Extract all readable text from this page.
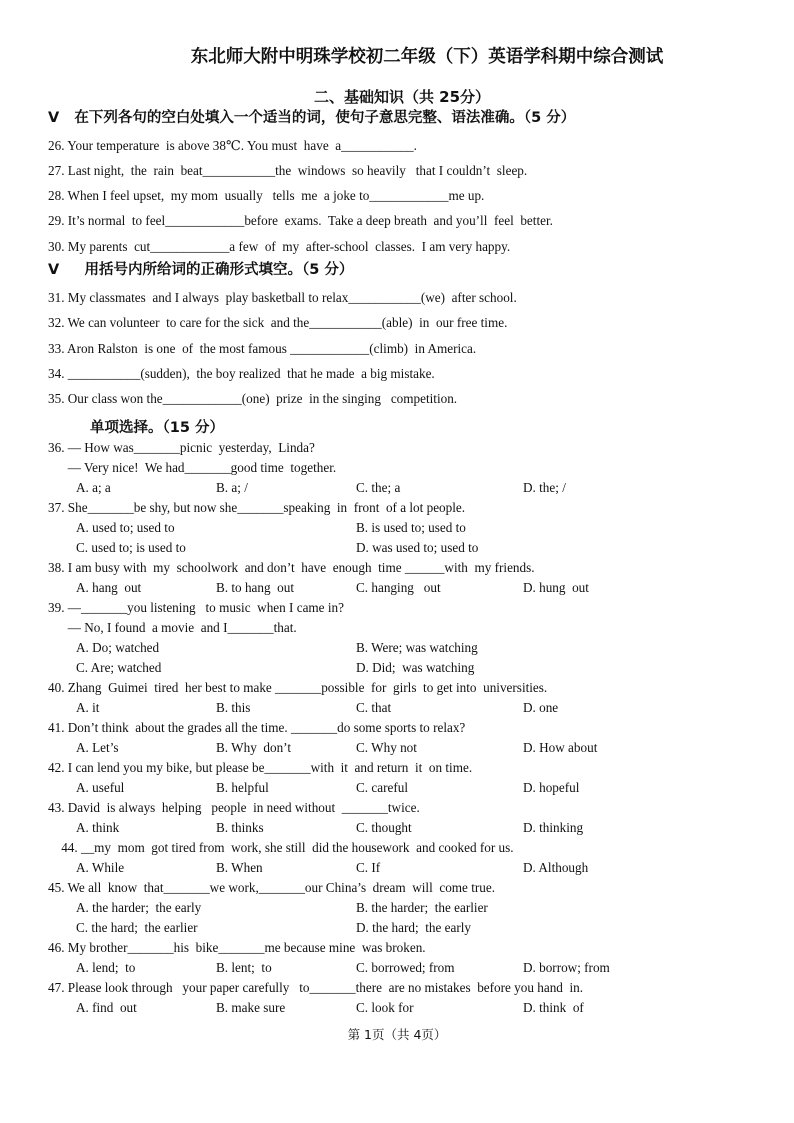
东北师大附中明珠学校初二年级（下）英语学科期中综合测试
二、基础知识（共 25分）
V   在下列各句的空白处填入一个适当的词，使句子意思完整、语法准确。（5 分）
26. Your temperature  is above 38℃. You must  have  a___________.
27. Last night,  the  rain  beat___________the  windows  so heavily   that I couldn’t  sleep.
28. When I feel upset,  my mom  usually   tells  me  a joke to____________me up.
29. It’s normal  to feel____________before  exams.  Take a deep breath  and you’ll  feel  better.
30. My parents  cut____________a few  of  my  after-school  classes.  I am very happy.
V     用括号内所给词的正确形式填空。（5 分）
31. My classmates  and I always  play basketball to relax___________(we)  after school.
32. We can volunteer  to care for the sick  and the___________(able)  in  our free time.
33. Aron Ralston  is one  of  the most famous ____________(climb)  in America.
34. ___________(sudden),  the boy realized  that he made  a big mistake.
35. Our class won the____________(one)  prize  in the singing   competition.
单项选择。（15 分）
36. — How was_______picnic  yesterday,  Linda?
— Very nice!  We had_______good time  together.
A. a; a	B. a; /	C. the; a	D. the; /
37. She_______be shy, but now she_______speaking  in  front  of a lot people.
A. used to; used to	B. is used to; used to
C. used to; is used to	D. was used to; used to
38. I am busy with  my  schoolwork  and don’t  have  enough  time ______with  my friends.
A. hang  out	B. to hang  out	C. hanging   out	D. hung  out
39. —_______you listening   to music  when I came in?
— No, I found  a movie  and I_______that.
A. Do; watched	B. Were; was watching
C. Are; watched	D. Did;  was watching
40. Zhang  Guimei  tired  her best to make _______possible  for  girls  to get into  universities.
A. it	B. this	C. that	D. one
41. Don’t think  about the grades all the time. _______do some sports to relax?
A. Let’s	B. Why  don’t	C. Why not	D. How about
42. I can lend you my bike, but please be_______with  it  and return  it  on time.
A. useful	B. helpful	C. careful	D. hopeful
43. David  is always  helping   people  in need without  _______twice.
A. think	B. thinks	C. thought	D. thinking
44. __my  mom  got tired from  work, she still  did the housework  and cooked for us.
A. While	B. When	C. If	D. Although
45. We all  know  that_______we work,_______our China’s  dream  will  come true.
A. the harder;  the early	B. the harder;  the earlier
C. the hard;  the earlier	D. the hard;  the early
46. My brother_______his  bike_______me because mine  was broken.
A. lend;  to	B. lent;  to	C. borrowed; from	D. borrow; from
47. Please look through   your paper carefully   to_______there  are no mistakes  before you hand  in.
A. find  out	B. make sure	C. look for	D. think  of
第 1页（共 4页）
